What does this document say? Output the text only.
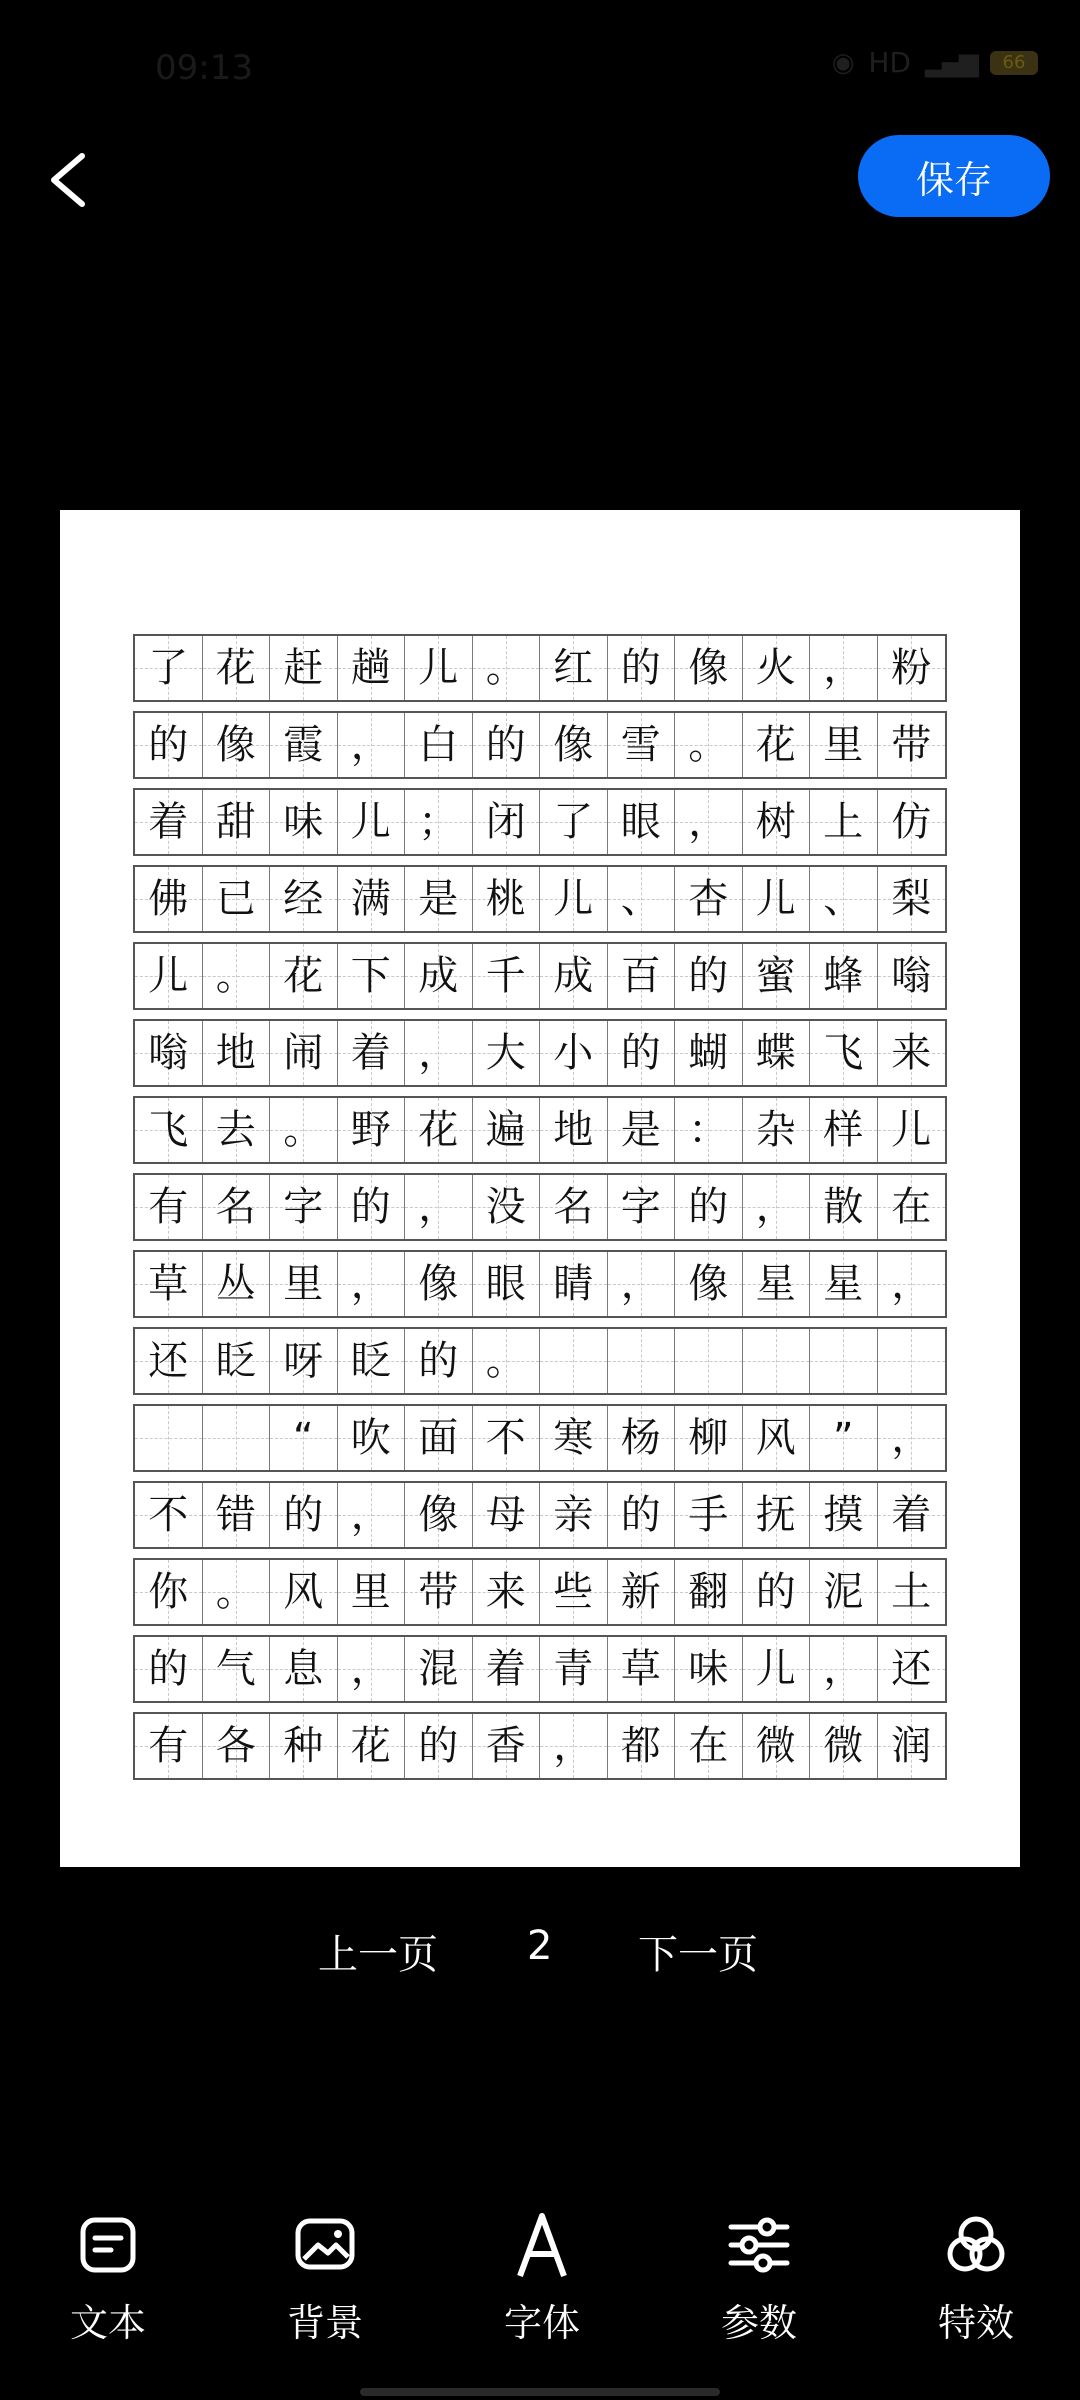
09:13	◉ HD ▂▄▆ 66
保存
了 花 赶 趟 儿 。 红 的 像 火 ， 粉
的 像 霞 ， 白 的 像 雪 。 花 里 带
着 甜 味 儿 ； 闭 了 眼 ， 树 上 仿
佛 已 经 满 是 桃 儿 、 杏 儿 、 梨
儿 。 花 下 成 千 成 百 的 蜜 蜂 嗡
嗡 地 闹 着 ， 大 小 的 蝴 蝶 飞 来
飞 去 。 野 花 遍 地 是 ： 杂 样 儿
有 名 字 的 ， 没 名 字 的 ， 散 在
草 丛 里 ， 像 眼 睛 ， 像 星 星 ，
还 眨 呀 眨 的 。
“ 吹 面 不 寒 杨 柳 风 ” ，
不 错 的 ， 像 母 亲 的 手 抚 摸 着
你 。 风 里 带 来 些 新 翻 的 泥 土
的 气 息 ， 混 着 青 草 味 儿 ， 还
有 各 种 花 的 香 ， 都 在 微 微 润
上一页 2 下一页
文本	背景	字体	参数	特效
